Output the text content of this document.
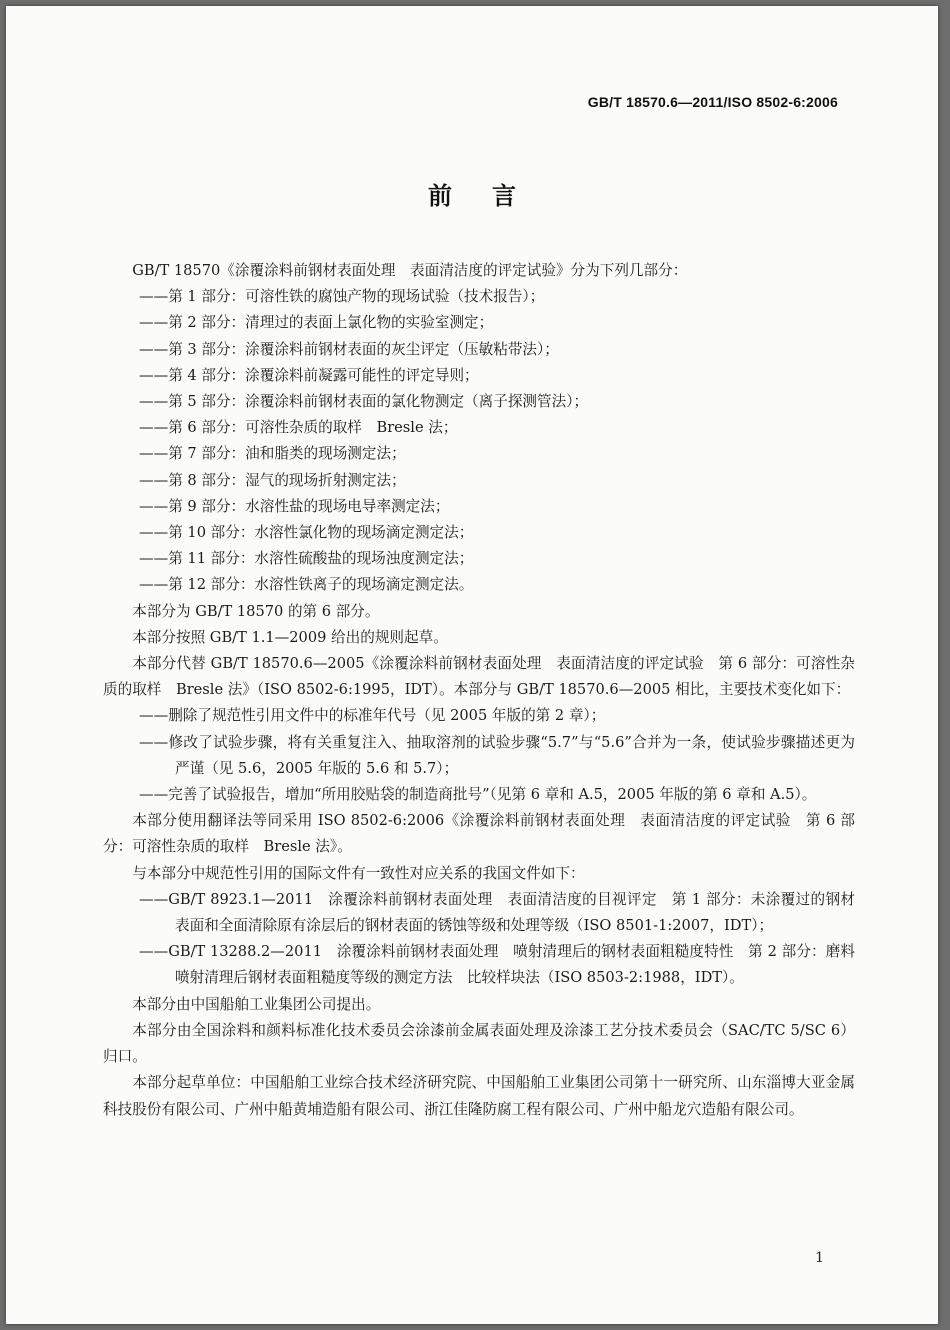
GB/T 18570.6—2011/ISO 8502-6:2006
前言

GB/T 18570《涂覆涂料前钢材表面处理　表面清洁度的评定试验》分为下列几部分：

——第 1 部分：可溶性铁的腐蚀产物的现场试验（技术报告）；

——第 2 部分：清理过的表面上氯化物的实验室测定；

——第 3 部分：涂覆涂料前钢材表面的灰尘评定（压敏粘带法）；

——第 4 部分：涂覆涂料前凝露可能性的评定导则；

——第 5 部分：涂覆涂料前钢材表面的氯化物测定（离子探测管法）；

——第 6 部分：可溶性杂质的取样　Bresle 法；

——第 7 部分：油和脂类的现场测定法；

——第 8 部分：湿气的现场折射测定法；

——第 9 部分：水溶性盐的现场电导率测定法；

——第 10 部分：水溶性氯化物的现场滴定测定法；

——第 11 部分：水溶性硫酸盐的现场浊度测定法；

——第 12 部分：水溶性铁离子的现场滴定测定法。

本部分为 GB/T 18570 的第 6 部分。

本部分按照 GB/T 1.1—2009 给出的规则起草。

本部分代替 GB/T 18570.6—2005《涂覆涂料前钢材表面处理　表面清洁度的评定试验　第 6 部分：可溶性杂质的取样　Bresle 法》（ISO 8502-6:1995，IDT）。本部分与 GB/T 18570.6—2005 相比，主要技术变化如下：

——删除了规范性引用文件中的标准年代号（见 2005 年版的第 2 章）；

——修改了试验步骤，将有关重复注入、抽取溶剂的试验步骤“5.7”与“5.6”合并为一条，使试验步骤描述更为严谨（见 5.6，2005 年版的 5.6 和 5.7）；

——完善了试验报告，增加“所用胶贴袋的制造商批号”（见第 6 章和 A.5，2005 年版的第 6 章和 A.5）。

本部分使用翻译法等同采用 ISO 8502-6:2006《涂覆涂料前钢材表面处理　表面清洁度的评定试验　第 6 部分：可溶性杂质的取样　Bresle 法》。

与本部分中规范性引用的国际文件有一致性对应关系的我国文件如下：

——GB/T 8923.1—2011　涂覆涂料前钢材表面处理　表面清洁度的目视评定　第 1 部分：未涂覆过的钢材表面和全面清除原有涂层后的钢材表面的锈蚀等级和处理等级（ISO 8501-1:2007，IDT）；

——GB/T 13288.2—2011　涂覆涂料前钢材表面处理　喷射清理后的钢材表面粗糙度特性　第 2 部分：磨料喷射清理后钢材表面粗糙度等级的测定方法　比较样块法（ISO 8503-2:1988，IDT）。

本部分由中国船舶工业集团公司提出。

本部分由全国涂料和颜料标准化技术委员会涂漆前金属表面处理及涂漆工艺分技术委员会（SAC/TC 5/SC 6）归口。

本部分起草单位：中国船舶工业综合技术经济研究院、中国船舶工业集团公司第十一研究所、山东淄博大亚金属科技股份有限公司、广州中船黄埔造船有限公司、浙江佳隆防腐工程有限公司、广州中船龙穴造船有限公司。

1
